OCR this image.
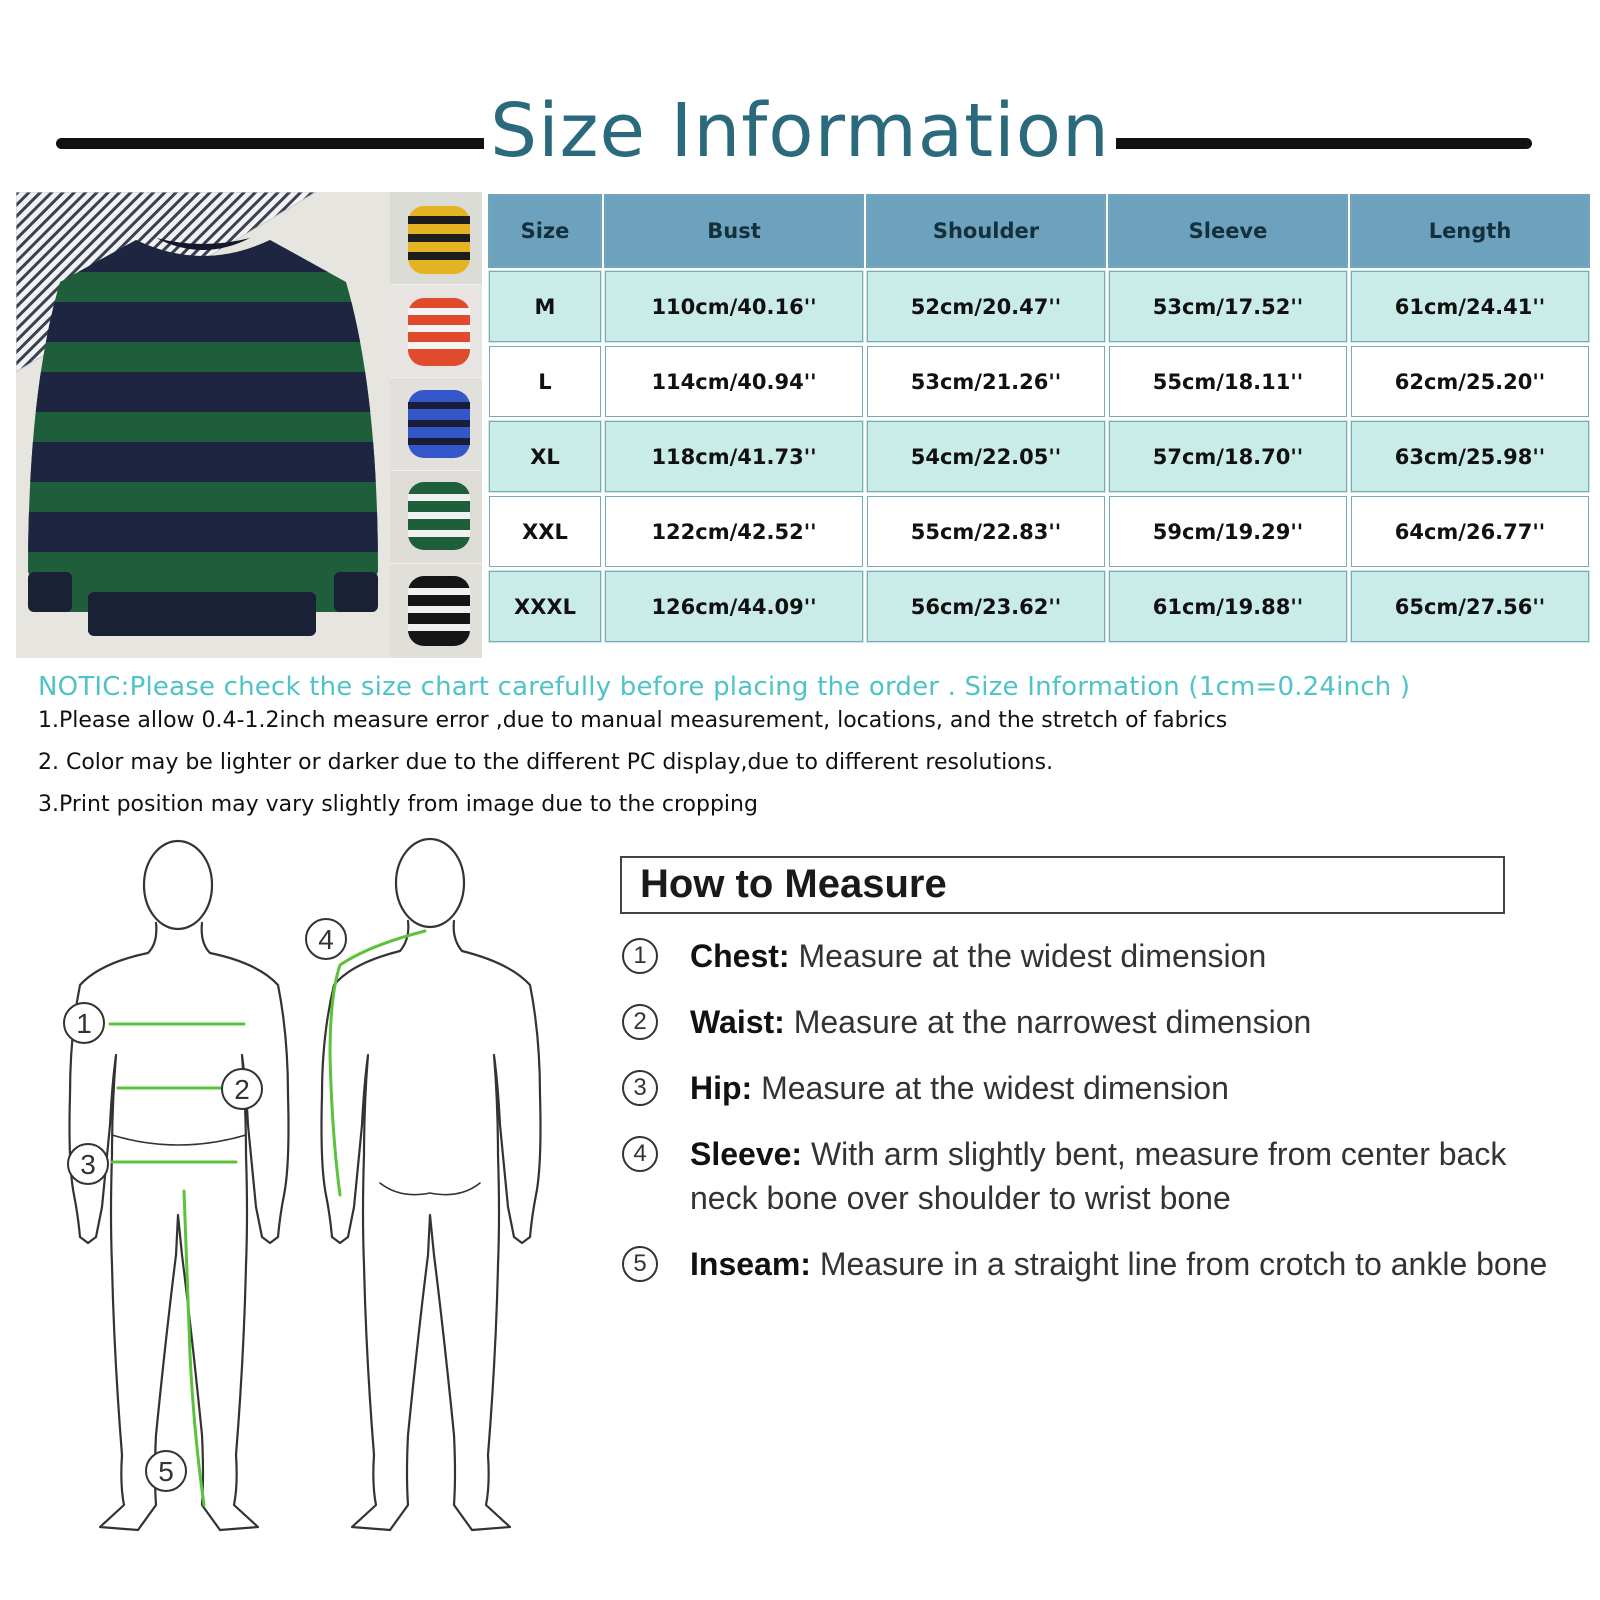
Size Information
Size	Bust	Shoulder	Sleeve	Length
M	110cm/40.16''	52cm/20.47''	53cm/17.52''	61cm/24.41''
L	114cm/40.94''	53cm/21.26''	55cm/18.11''	62cm/25.20''
XL	118cm/41.73''	54cm/22.05''	57cm/18.70''	63cm/25.98''
XXL	122cm/42.52''	55cm/22.83''	59cm/19.29''	64cm/26.77''
XXXL	126cm/44.09''	56cm/23.62''	61cm/19.88''	65cm/27.56''
NOTIC:Please check the size chart carefully before placing the order . Size Information (1cm=0.24inch )
1.Please allow 0.4-1.2inch measure error ,due to manual measurement, locations, and the stretch of fabrics
2. Color may be lighter or darker due to the different PC display,due to different resolutions.
3.Print position may vary slightly from image due to the cropping
1
2
3
4
5
How to Measure
1	Chest: Measure at the widest dimension
2	Waist: Measure at the narrowest dimension
3	Hip: Measure at the widest dimension
4	Sleeve: With arm slightly bent, measure from center back neck bone over shoulder to wrist bone
5	Inseam: Measure in a straight line from crotch to ankle bone
